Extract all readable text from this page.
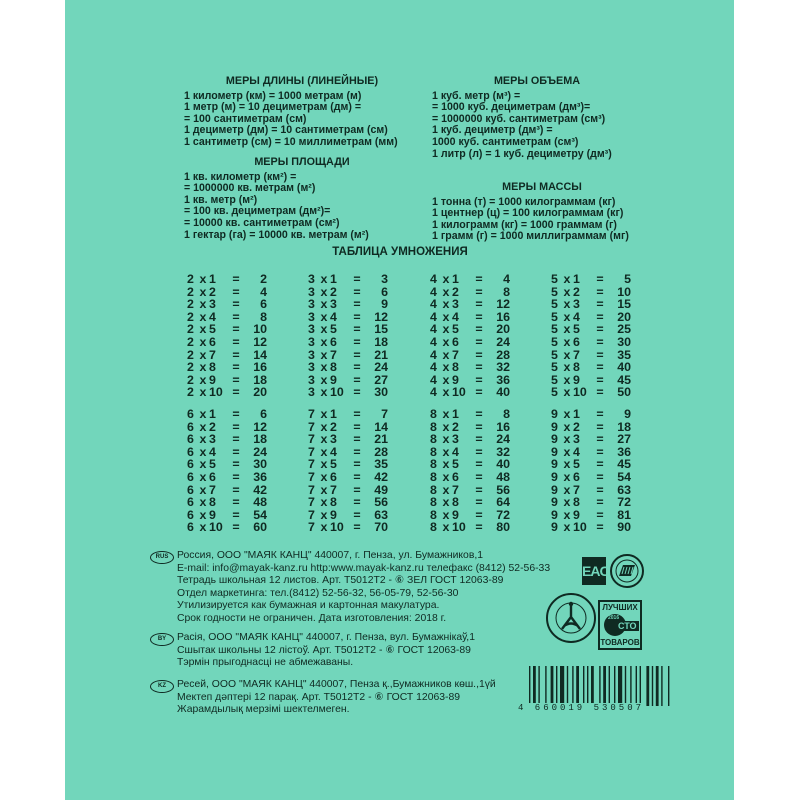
МЕРЫ ДЛИНЫ (ЛИНЕЙНЫЕ)
1 километр (км) = 1000 метрам (м)
1 метр (м) = 10 дециметрам (дм) =
= 100 сантиметрам (см)
1 дециметр (дм) = 10 сантиметрам (см)
1 сантиметр (см) = 10 миллиметрам (мм)
МЕРЫ ПЛОЩАДИ
1 кв. километр (км²) =
= 1000000 кв. метрам (м²)
1 кв. метр (м²)
= 100 кв. дециметрам (дм²)=
= 10000 кв. сантиметрам (см²)
1 гектар (га) = 10000 кв. метрам (м²)
МЕРЫ ОБЪЕМА
1 куб. метр (м³) =
= 1000 куб. дециметрам (дм³)=
= 1000000 куб. сантиметрам (см³)
1 куб. дециметр (дм³) =
1000 куб. сантиметрам (см³)
1 литр (л) = 1 куб. дециметру (дм³)
МЕРЫ МАССЫ
1 тонна (т) = 1000 килограммам (кг)
1 центнер (ц) = 100 килограммам (кг)
1 килограмм (кг) = 1000 граммам (г)
1 грамм (г) = 1000 миллиграммам (мг)
ТАБЛИЦА УМНОЖЕНИЯ
2 x 1	=	2
2 x 2	=	4
2 x 3	=	6
2 x 4	=	8
2 x 5	=	10
2 x 6	=	12
2 x 7	=	14
2 x 8	=	16
2 x 9	=	18
2 x 10 =	20
3 x 1	=	3
3 x 2	=	6
3 x 3	=	9
3 x 4	=	12
3 x 5	=	15
3 x 6	=	18
3 x 7	=	21
3 x 8	=	24
3 x 9	=	27
3 x 10 =	30
4 x 1	=	4
4 x 2	=	8
4 x 3	=	12
4 x 4	=	16
4 x 5	=	20
4 x 6	=	24
4 x 7	=	28
4 x 8	=	32
4 x 9	=	36
4 x 10 =	40
5 x 1	=	5
5 x 2	=	10
5 x 3	=	15
5 x 4	=	20
5 x 5	=	25
5 x 6	=	30
5 x 7	=	35
5 x 8	=	40
5 x 9	=	45
5 x 10 =	50
6 x 1	=	6
6 x 2	=	12
6 x 3	=	18
6 x 4	=	24
6 x 5	=	30
6 x 6	=	36
6 x 7	=	42
6 x 8	=	48
6 x 9	=	54
6 x 10 =	60
7 x 1	=	7
7 x 2	=	14
7 x 3	=	21
7 x 4	=	28
7 x 5	=	35
7 x 6	=	42
7 x 7	=	49
7 x 8	=	56
7 x 9	=	63
7 x 10 =	70
8 x 1	=	8
8 x 2	=	16
8 x 3	=	24
8 x 4	=	32
8 x 5	=	40
8 x 6	=	48
8 x 7	=	56
8 x 8	=	64
8 x 9	=	72
8 x 10 =	80
9 x 1	=	9
9 x 2	=	18
9 x 3	=	27
9 x 4	=	36
9 x 5	=	45
9 x 6	=	54
9 x 7	=	63
9 x 8	=	72
9 x 9	=	81
9 x 10 =	90
RUS Россия, ООО "МАЯК КАНЦ" 440007, г. Пенза, ул. Бумажников,1
E-mail: info@mayak-kanz.ru http:www.mayak-kanz.ru телефакс (8412) 52-56-33
Тетрадь школьная 12 листов. Арт. Т5012Т2 - ⑥ ЗЕЛ ГОСТ 12063-89
Отдел маркетинга: тел.(8412) 52-56-32, 56-05-79, 52-56-30
Утилизируется как бумажная и картонная макулатура.
Срок годности не ограничен. Дата изготовления: 2018 г.
BY	Расія, ООО "МАЯК КАНЦ" 440007, г. Пенза, вул. Бумажнікаў,1
Сшытак школьны 12 лістоў. Арт. Т5012Т2 - ⑥ ГОСТ 12063-89
Тэрмін прыгоднасці не абмежаваны.
KZ	Ресей, ООО "МАЯК КАНЦ" 440007, Пенза қ.,Бумажников көш.,1үй
Мектеп дәптері 12 парақ. Арт. Т5012Т2 - ⑥ ГОСТ 12063-89
Жарамдылық мерзімі шектелмеген.
EAC
ЛУЧШИХ
2016
СТО
ТОВАРОВ
4 660019 530507
